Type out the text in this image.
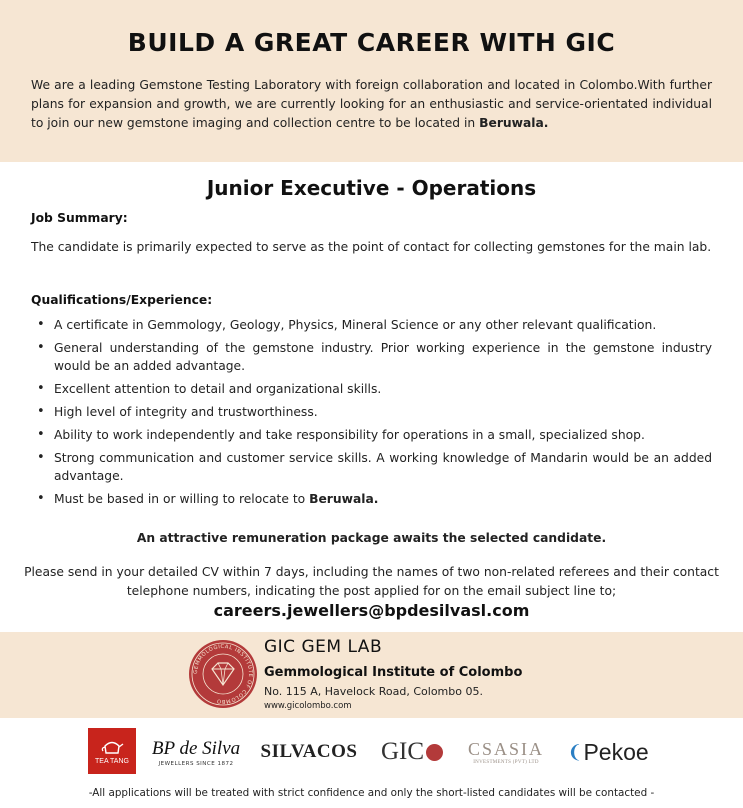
BUILD A GREAT CAREER WITH GIC

We are a leading Gemstone Testing Laboratory with foreign collaboration and located in Colombo.With further plans for expansion and growth, we are currently looking for an enthusiastic and service-orientated individual to join our new gemstone imaging and collection centre to be located in Beruwala.

Junior Executive - Operations
Job Summary:

The candidate is primarily expected to serve as the point of contact for collecting gemstones for the main lab.

Qualifications/Experience:
• A certificate in Gemmology, Geology, Physics, Mineral Science or any other relevant qualification.
• General understanding of the gemstone industry. Prior working experience in the gemstone industry would be an added advantage.
• Excellent attention to detail and organizational skills.
• High level of integrity and trustworthiness.
• Ability to work independently and take responsibility for operations in a small, specialized shop.
• Strong communication and customer service skills. A working knowledge of Mandarin would be an added advantage.
• Must be based in or willing to relocate to Beruwala.

An attractive remuneration package awaits the selected candidate.

Please send in your detailed CV within 7 days, including the names of two non-related referees and their contact telephone numbers, indicating the post applied for on the email subject line to;

careers.jewellers@bpdesilvasl.com
GEMMOLOGICAL INSTITUTE OF COLOMBO
GIC GEM LAB
Gemmological Institute of Colombo
No. 115 A, Havelock Road, Colombo 05.
www.gicolombo.com
TEA TANG
BP de Silva
JEWELLERS SINCE 1872
SILVACOS GIC CSASIA
INVESTMENTS (PVT) LTD
❨ Pekoe
-All applications will be treated with strict confidence and only the short-listed candidates will be contacted -
